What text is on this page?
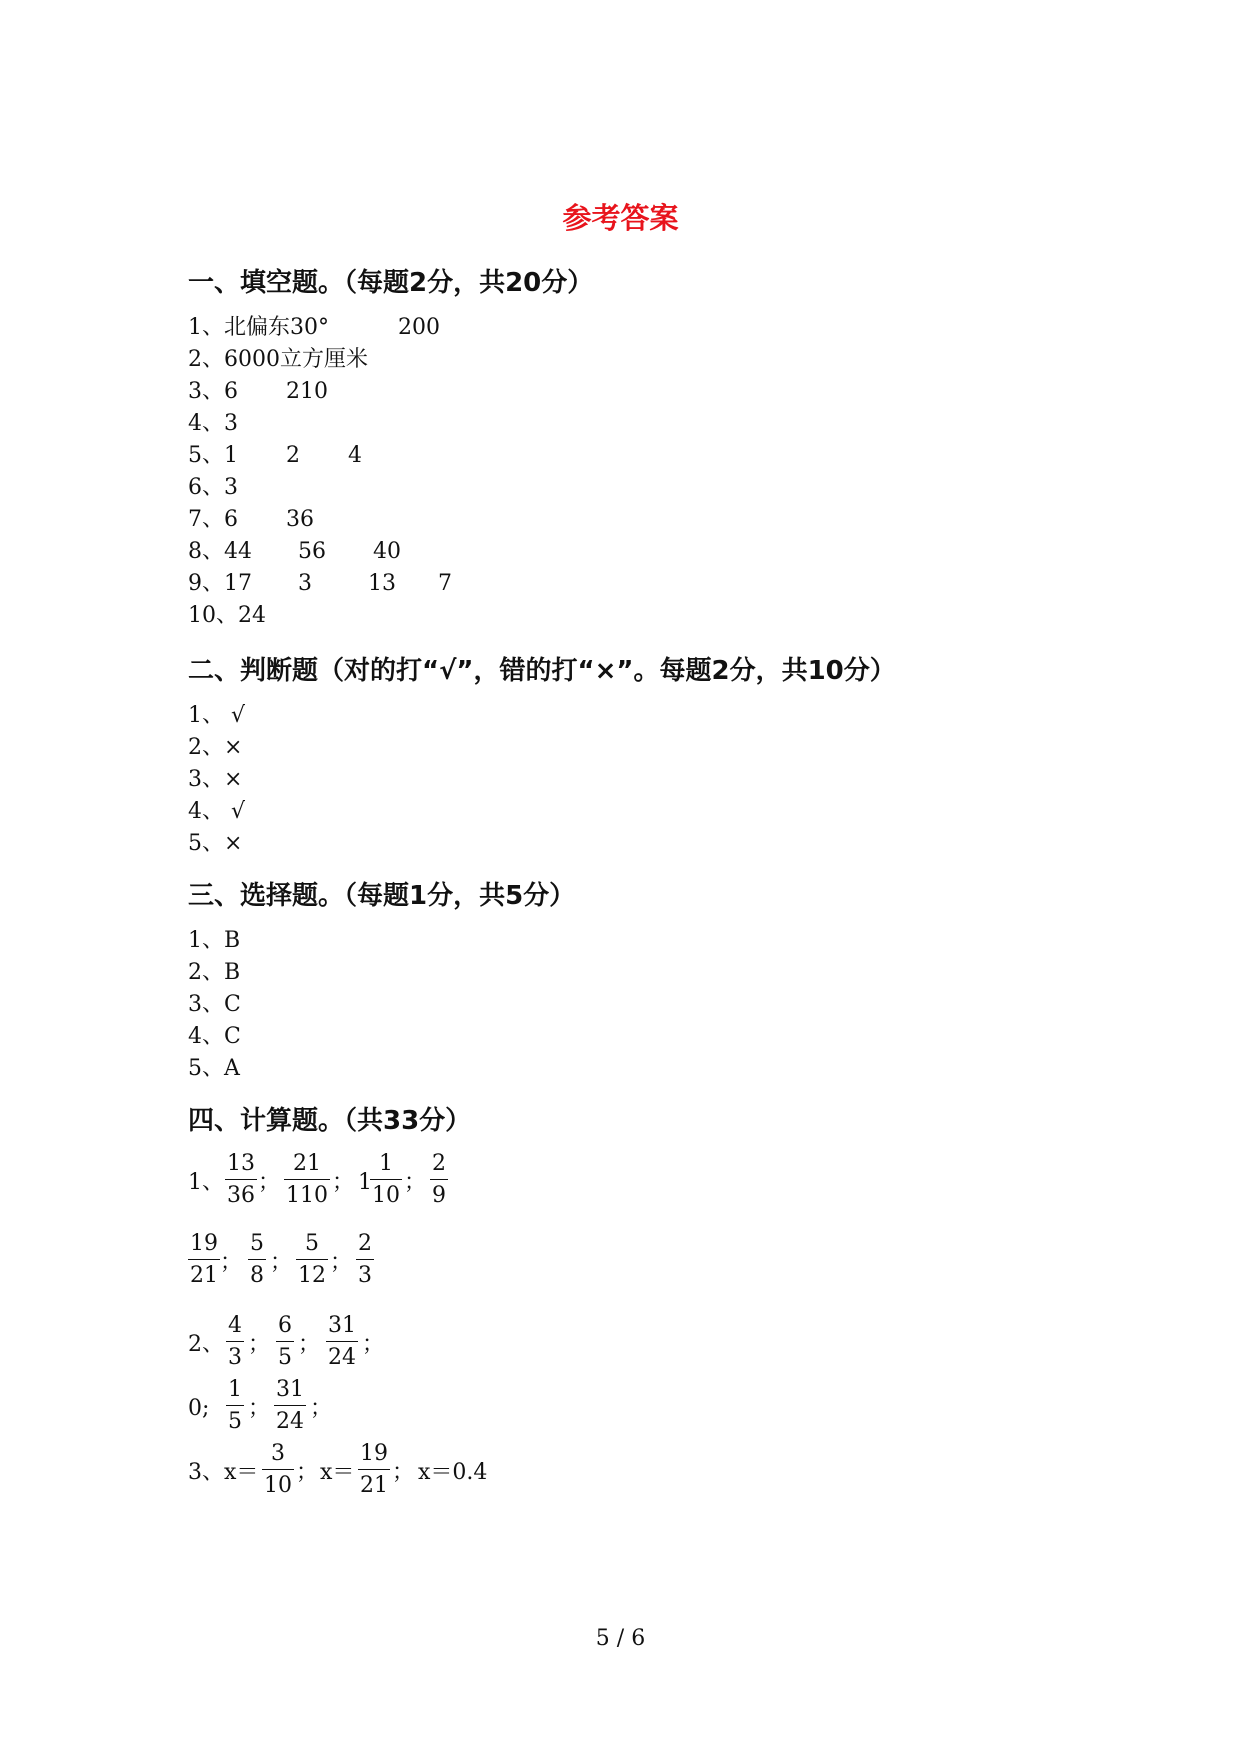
参考答案
一、填空题。（每题2分，共20分）
1、北偏东30°	200
2、6000立方厘米
3、6 210
4、3
5、1 2 4
6、3
7、6 36
8、44 56 40
9、17 3	13 7
10、24
二、判断题（对的打“√”，错的打“×”。每题2分，共10分）
1、 √
2、×
3、×
4、 √
5、×
三、选择题。（每题1分，共5分）
1、B
2、B
3、C
4、C
5、A
四、计算题。（共33分）
1、
13
36
；
21
110
； 1
1
10
；
2
9
19
21
；
5
8
；
5
12
；
2
3
2、
4
3
；
6
5
；
31
24
；
0;
1
5
；
31
24
；
3、x＝
3
10
； x＝
19
21
； x＝0.4
5 / 6
